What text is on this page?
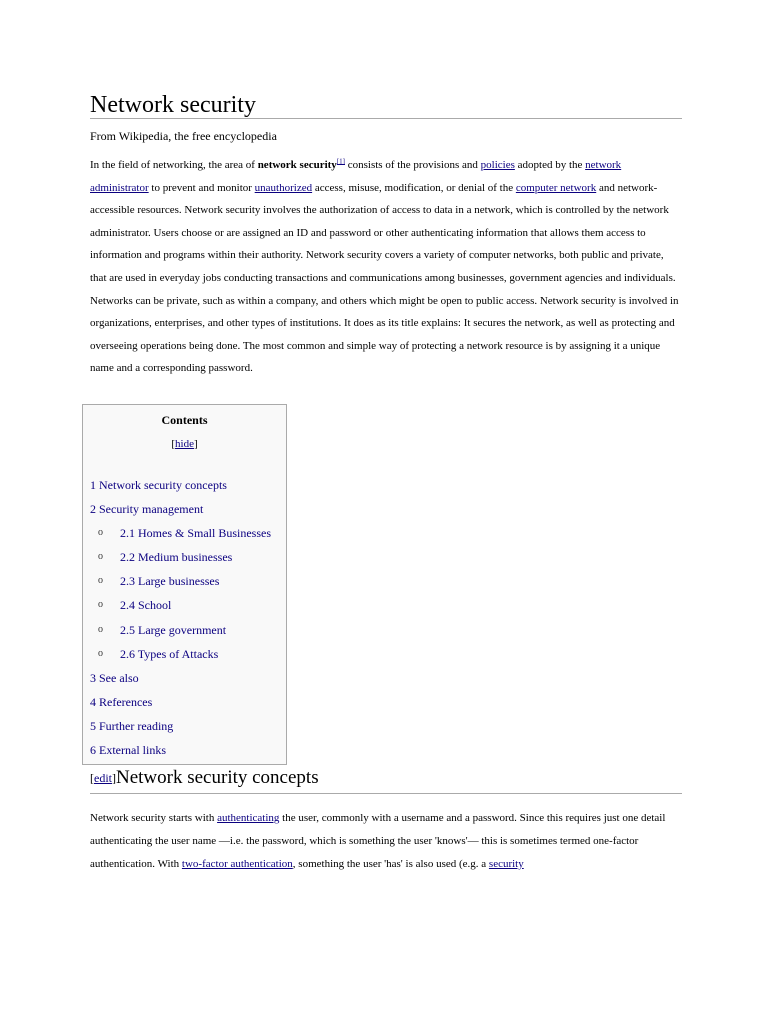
Network security
From Wikipedia, the free encyclopedia
In the field of networking, the area of network security[1] consists of the provisions and policies adopted by the network administrator to prevent and monitor unauthorized access, misuse, modification, or denial of the computer network and network-accessible resources. Network security involves the authorization of access to data in a network, which is controlled by the network administrator. Users choose or are assigned an ID and password or other authenticating information that allows them access to information and programs within their authority. Network security covers a variety of computer networks, both public and private, that are used in everyday jobs conducting transactions and communications among businesses, government agencies and individuals. Networks can be private, such as within a company, and others which might be open to public access. Network security is involved in organizations, enterprises, and other types of institutions. It does as its title explains: It secures the network, as well as protecting and overseeing operations being done. The most common and simple way of protecting a network resource is by assigning it a unique name and a corresponding password.
Contents
[hide]
1 Network security concepts
2 Security management
o 2.1 Homes & Small Businesses
o 2.2 Medium businesses
o 2.3 Large businesses
o 2.4 School
o 2.5 Large government
o 2.6 Types of Attacks
3 See also
4 References
5 Further reading
6 External links
[edit]Network security concepts
Network security starts with authenticating the user, commonly with a username and a password. Since this requires just one detail authenticating the user name —i.e. the password, which is something the user 'knows'— this is sometimes termed one-factor authentication. With two-factor authentication, something the user 'has' is also used (e.g. a security
